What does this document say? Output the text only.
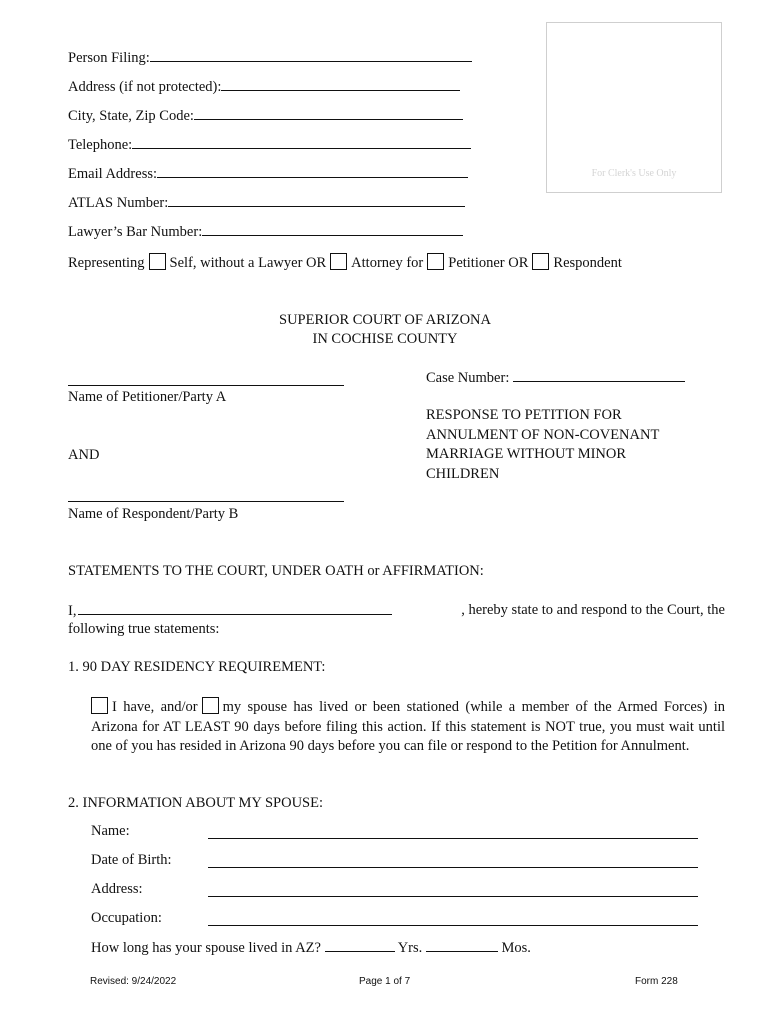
For Clerk's Use Only
Person Filing:
Address (if not protected):
City, State, Zip Code:
Telephone:
Email Address:
ATLAS Number:
Lawyer’s Bar Number:
Representing Self, without a Lawyer OR Attorney for Petitioner OR Respondent
SUPERIOR COURT OF ARIZONA
IN COCHISE COUNTY
Name of Petitioner/Party A
AND
Name of Respondent/Party B
Case Number:
RESPONSE TO PETITION FOR
ANNULMENT OF NON-COVENANT
MARRIAGE WITHOUT MINOR
CHILDREN
STATEMENTS TO THE COURT, UNDER OATH or AFFIRMATION:
I,	, hereby state to and respond to the Court, the
following true statements:
1. 90 DAY RESIDENCY REQUIREMENT:
I have, and/or my spouse has lived or been stationed (while a member of the Armed Forces) in Arizona for AT LEAST 90 days before filing this action. If this statement is NOT true, you must wait until one of you has resided in Arizona 90 days before you can file or respond to the Petition for Annulment.
2. INFORMATION ABOUT MY SPOUSE:
Name:
Date of Birth:
Address:
Occupation:
How long has your spouse lived in AZ?	Yrs.	Mos.
Revised: 9/24/2022	Page 1 of 7	Form 228
